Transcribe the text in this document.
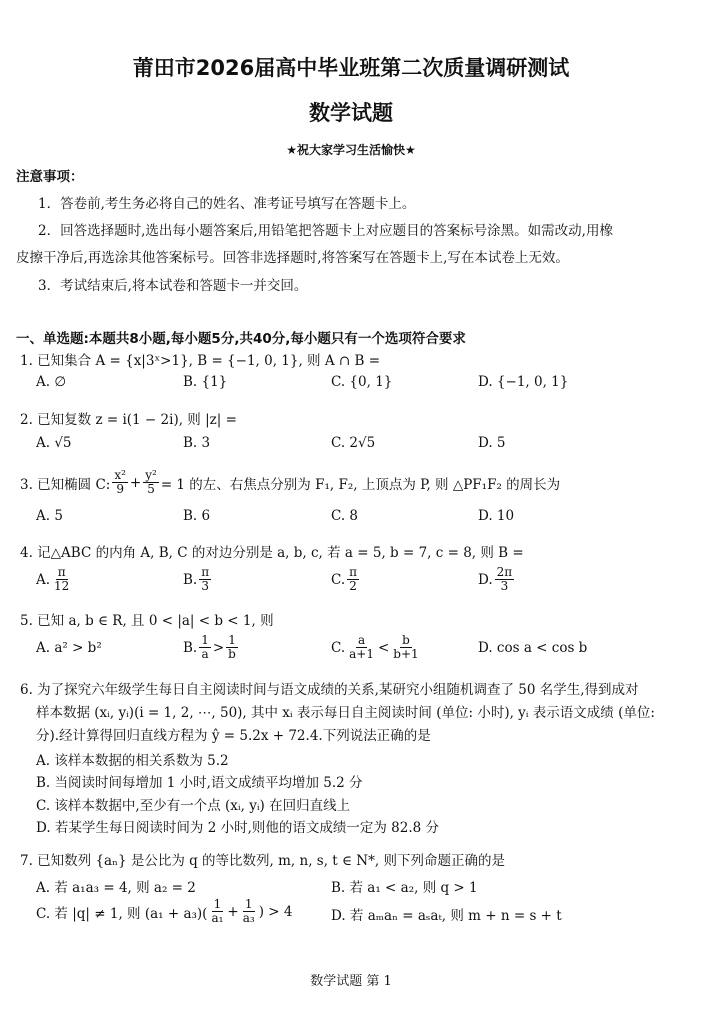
莆田市2026届高中毕业班第二次质量调研测试
数学试题
★祝大家学习生活愉快★
注意事项：
1．答卷前,考生务必将自己的姓名、准考证号填写在答题卡上。
2．回答选择题时,选出每小题答案后,用铅笔把答题卡上对应题目的答案标号涂黑。如需改动,用橡
皮擦干净后,再选涂其他答案标号。回答非选择题时,将答案写在答题卡上,写在本试卷上无效。
3．考试结束后,将本试卷和答题卡一并交回。
一、单选题:本题共8小题,每小题5分,共40分,每小题只有一个选项符合要求
1. 已知集合 A = {x|3ˣ>1}, B = {−1, 0, 1}, 则 A ∩ B =
A. ∅	B. {1}	C. {0, 1}	D. {−1, 0, 1}
2. 已知复数 z = i(1 − 2i), 则 |z| =
A. √5	B. 3	C. 2√5	D. 5
3. 已知椭圆 C: $\frac{\text{x²}}{9} + \frac{\text{y²}}{5} = 1$ 的左、右焦点分别为 F₁, F₂, 上顶点为 P, 则 △PF₁F₂ 的周长为
A. 5	B. 6	C. 8	D. 10
4. 记△ABC 的内角 A, B, C 的对边分别是 a, b, c, 若 a = 5, b = 7, c = 8, 则 B =
A. $\frac{\pi}{12}$	B. $\frac{\pi}{3}$	C. $\frac{\pi}{2}$	D. $\frac{2\pi}{3}$
5. 已知 a, b ∈ R, 且 0 < |a| < b < 1, 则
A. a² > b²	B. $\frac{1}{a} > \frac{1}{b}$	C. $\frac{a}{a+1} < \frac{b}{b+1}$	D. cos a < cos b
6. 为了探究六年级学生每日自主阅读时间与语文成绩的关系,某研究小组随机调查了 50 名学生,得到成对
样本数据 (xᵢ, yᵢ)(i = 1, 2, ⋯, 50), 其中 xᵢ 表示每日自主阅读时间 (单位: 小时), yᵢ 表示语文成绩 (单位:
分).经计算得回归直线方程为 ŷ = 5.2x + 72.4.下列说法正确的是
A. 该样本数据的相关系数为 5.2
B. 当阅读时间每增加 1 小时,语文成绩平均增加 5.2 分
C. 该样本数据中,至少有一个点 (xᵢ, yᵢ) 在回归直线上
D. 若某学生每日阅读时间为 2 小时,则他的语文成绩一定为 82.8 分
7. 已知数列 {aₙ} 是公比为 q 的等比数列, m, n, s, t ∈ N*, 则下列命题正确的是
A. 若 a₁a₃ = 4, 则 a₂ = 2	B. 若 a₁ < a₂, 则 q > 1
C. 若 |q| ≠ 1, 则 $(a_1 + a_3)( \frac{1}{\text{a₁}} + \frac{1}{\text{a₃}}$ ) > 4	D. 若 aₘaₙ = aₛaₜ, 则 m + n = s + t
数学试题 第 1
